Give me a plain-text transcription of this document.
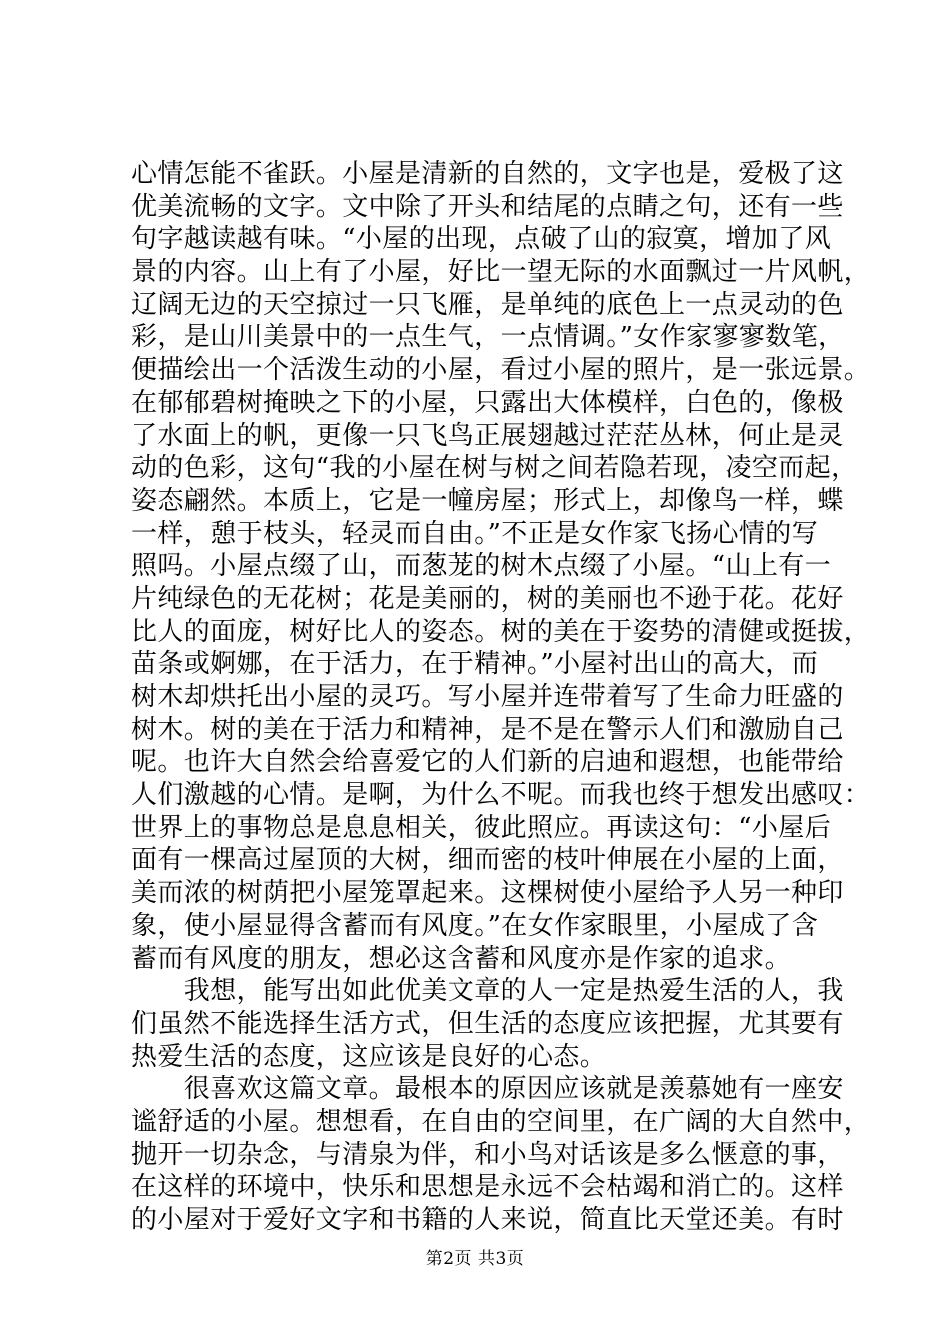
心情怎能不雀跃。小屋是清新的自然的，文字也是，爱极了这
优美流畅的文字。文中除了开头和结尾的点睛之句，还有一些
句字越读越有味。“小屋的出现，点破了山的寂寞，增加了风
景的内容。山上有了小屋，好比一望无际的水面飘过一片风帆，
辽阔无边的天空掠过一只飞雁，是单纯的底色上一点灵动的色
彩，是山川美景中的一点生气，一点情调。”女作家寥寥数笔，
便描绘出一个活泼生动的小屋，看过小屋的照片，是一张远景。
在郁郁碧树掩映之下的小屋，只露出大体模样，白色的，像极
了水面上的帆，更像一只飞鸟正展翅越过茫茫丛林，何止是灵
动的色彩，这句“我的小屋在树与树之间若隐若现，凌空而起，
姿态翩然。本质上，它是一幢房屋；形式上，却像鸟一样，蝶
一样，憩于枝头，轻灵而自由。”不正是女作家飞扬心情的写
照吗。小屋点缀了山，而葱茏的树木点缀了小屋。“山上有一
片纯绿色的无花树；花是美丽的，树的美丽也不逊于花。花好
比人的面庞，树好比人的姿态。树的美在于姿势的清健或挺拔，
苗条或婀娜，在于活力，在于精神。”小屋衬出山的高大，而
树木却烘托出小屋的灵巧。写小屋并连带着写了生命力旺盛的
树木。树的美在于活力和精神，是不是在警示人们和激励自己
呢。也许大自然会给喜爱它的人们新的启迪和遐想，也能带给
人们激越的心情。是啊，为什么不呢。而我也终于想发出感叹：
世界上的事物总是息息相关，彼此照应。再读这句：“小屋后
面有一棵高过屋顶的大树，细而密的枝叶伸展在小屋的上面，
美而浓的树荫把小屋笼罩起来。这棵树使小屋给予人另一种印
象，使小屋显得含蓄而有风度。”在女作家眼里，小屋成了含
蓄而有风度的朋友，想必这含蓄和风度亦是作家的追求。
　　我想，能写出如此优美文章的人一定是热爱生活的人，我
们虽然不能选择生活方式，但生活的态度应该把握，尤其要有
热爱生活的态度，这应该是良好的心态。
　　很喜欢这篇文章。最根本的原因应该就是羡慕她有一座安
谧舒适的小屋。想想看，在自由的空间里，在广阔的大自然中，
抛开一切杂念，与清泉为伴，和小鸟对话该是多么惬意的事，
在这样的环境中，快乐和思想是永远不会枯竭和消亡的。这样
的小屋对于爱好文字和书籍的人来说，简直比天堂还美。有时
第2页 共3页
